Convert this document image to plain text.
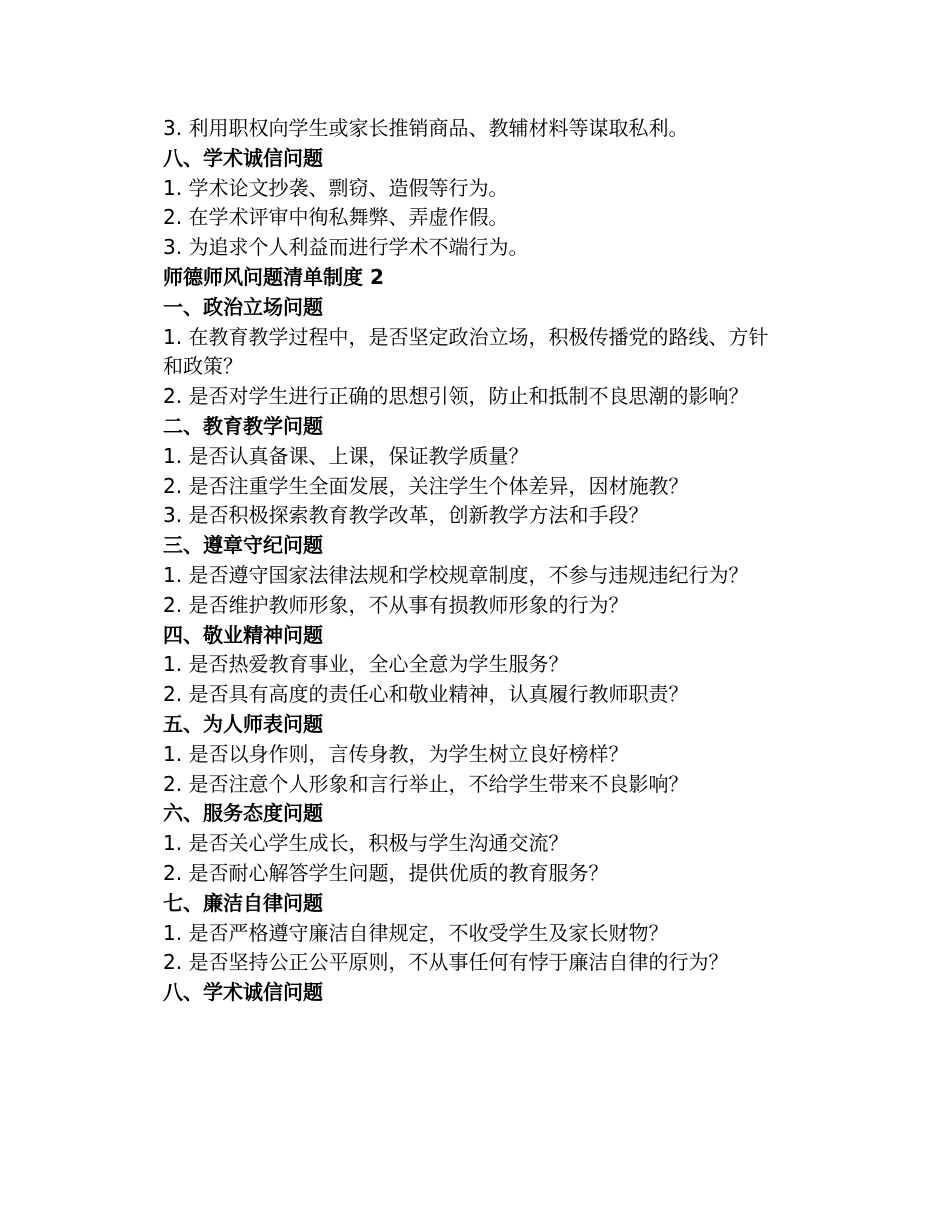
3. 利用职权向学生或家长推销商品、教辅材料等谋取私利。

八、学术诚信问题

1. 学术论文抄袭、剽窃、造假等行为。

2. 在学术评审中徇私舞弊、弄虚作假。

3. 为追求个人利益而进行学术不端行为。

师德师风问题清单制度 2

一、政治立场问题

1. 在教育教学过程中，是否坚定政治立场，积极传播党的路线、方针和政策？

2. 是否对学生进行正确的思想引领，防止和抵制不良思潮的影响？

二、教育教学问题

1. 是否认真备课、上课，保证教学质量？

2. 是否注重学生全面发展，关注学生个体差异，因材施教？

3. 是否积极探索教育教学改革，创新教学方法和手段？

三、遵章守纪问题

1. 是否遵守国家法律法规和学校规章制度，不参与违规违纪行为？

2. 是否维护教师形象，不从事有损教师形象的行为？

四、敬业精神问题

1. 是否热爱教育事业，全心全意为学生服务？

2. 是否具有高度的责任心和敬业精神，认真履行教师职责？

五、为人师表问题

1. 是否以身作则，言传身教，为学生树立良好榜样？

2. 是否注意个人形象和言行举止，不给学生带来不良影响？

六、服务态度问题

1. 是否关心学生成长，积极与学生沟通交流？

2. 是否耐心解答学生问题，提供优质的教育服务？

七、廉洁自律问题

1. 是否严格遵守廉洁自律规定，不收受学生及家长财物？

2. 是否坚持公正公平原则，不从事任何有悖于廉洁自律的行为？

八、学术诚信问题
